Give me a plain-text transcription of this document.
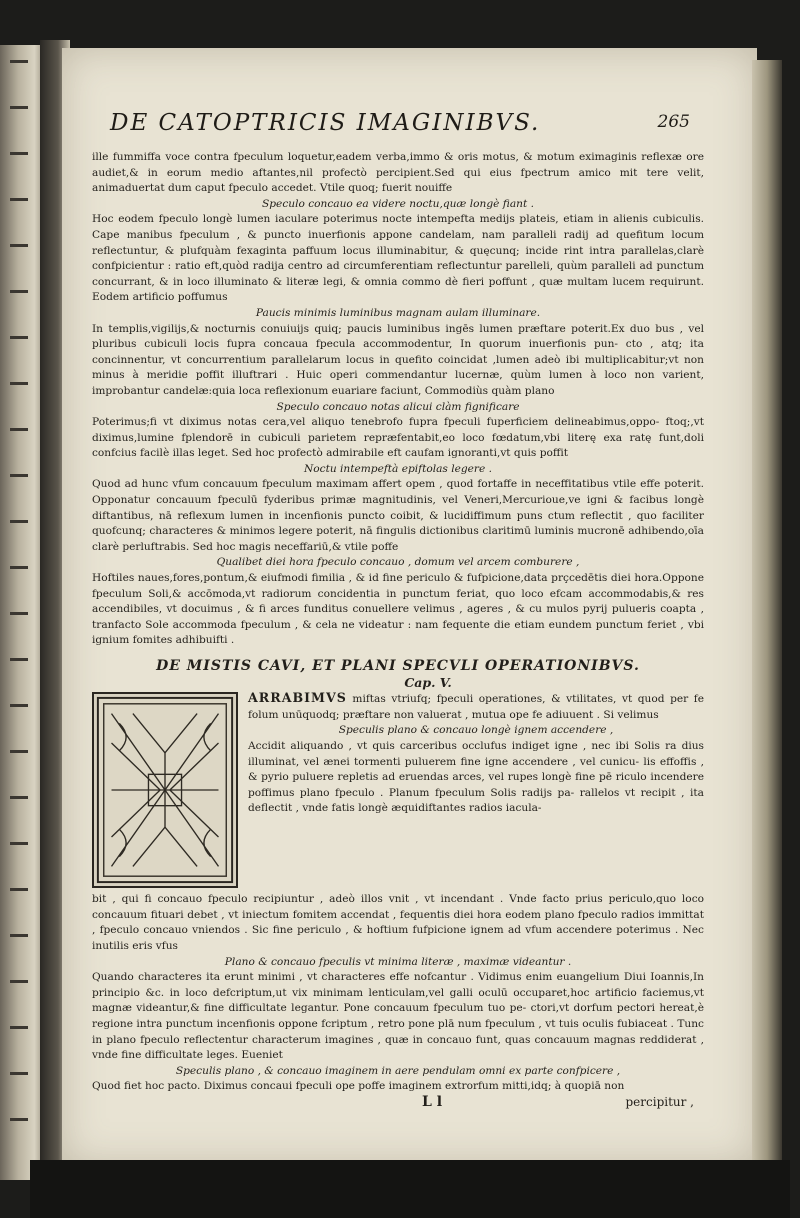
DE CATOPTRICIS IMAGINIBVS.	265

ille fummiffa voce contra fpeculum loquetur,eadem verba,immo & oris motus, & motum eximaginis reflexæ ore audiet,& in eorum medio aftantes,nil profectò percipient.Sed qui eius fpectrum amico mit tere velit, animaduertat dum caput fpeculo accedet. Vtile quoq; fuerit nouiffe

Speculo concauo ea videre noctu,quæ longè fiant .

Hoc eodem fpeculo longè lumen iaculare poterimus nocte intempefta medijs plateis, etiam in alienis cubiculis. Cape manibus fpeculum , & puncto inuerfionis appone candelam, nam paralleli radij ad quefitum locum reflectuntur, & plufquàm fexaginta paffuum locus illuminabitur, & quęcunq; incide rint intra parallelas,clarè confpicientur : ratio eft,quòd radija centro ad circumferentiam reflectuntur parelleli, quùm paralleli ad punctum concurrant, & in loco illuminato & literæ legi, & omnia commo dè fieri poffunt , quæ multam lucem requirunt. Eodem artificio poffumus

Paucis minimis luminibus magnam aulam illuminare.

In templis,vigilijs,& nocturnis conuiuijs quiq; paucis luminibus ingēs lumen præftare poterit.Ex duo bus , vel pluribus cubiculi locis fupra concaua fpecula accommodentur, In quorum inuerfionis pun- cto , atq; ita concinnentur, vt concurrentium parallelarum locus in quefito coincidat ,lumen adeò ibi multiplicabitur;vt non minus à meridie poffit illuftrari . Huic operi commendantur lucernæ, quùm lumen à loco non varient, improbantur candelæ:quia loca reflexionum euariare faciunt, Commodiùs quàm plano

Speculo concauo notas alicui clàm fignificare

Poterimus;fi vt diximus notas cera,vel aliquo tenebrofo fupra fpeculi fuperficiem delineabimus,oppo- ftoq;,vt diximus,lumine fplendorē in cubiculi parietem repræfentabit,eo loco fœdatum,vbi literę exa ratę funt,doli confcius facilè illas leget. Sed hoc profectò admirabile eft caufam ignoranti,vt quis poffit

Noctu intempeftà epiftolas legere .

Quod ad hunc vfum concauum fpeculum maximam affert opem , quod fortaffe in neceffitatibus vtile effe poterit. Opponatur concauum fpeculū fyderibus primæ magnitudinis, vel Veneri,Mercurioue,ve igni & facibus longè diftantibus, nā reflexum lumen in incenfionis puncto coibit, & lucidiffimum puns ctum reflectit , quo faciliter quofcunq; characteres & minimos legere poterit, nā fingulis dictionibus claritimū luminis mucronē adhibendo,oīa clarè perluftrabis. Sed hoc magis neceffariū,& vtile poffe

Qualibet diei hora fpeculo concauo , domum vel arcem comburere ,

Hoftiles naues,fores,pontum,& eiufmodi fimilia , & id fine periculo & fufpicione,data prçcedētis diei hora.Oppone fpeculum Soli,& accōmoda,vt radiorum concidentia in punctum feriat, quo loco efcam accommodabis,& res accendibiles, vt docuimus , & fi arces funditus conuellere velimus , ageres , & cu mulos pyrij pulueris coapta , tranfacto Sole accommoda fpeculum , & cela ne videatur : nam fequente die etiam eundem punctum feriet , vbi ignium fomites adhibuifti .

DE MISTIS CAVI, ET PLANI SPECVLI OPERATIONIBVS.
Cap. V.

ARRABIMVS miftas vtriufq; fpeculi operationes, & vtilitates, vt quod per fe folum unūquodq; præftare non valuerat , mutua ope fe adiuuent . Si velimus

Speculis plano & concauo longè ignem accendere ,

Accidit aliquando , vt quis carceribus occlufus indiget igne , nec ibi Solis ra dius illuminat, vel ænei tormenti puluerem fine igne accendere , vel cunicu- lis effoffis , & pyrio puluere repletis ad eruendas arces, vel rupes longè fine pē riculo incendere poffimus plano fpeculo . Planum fpeculum Solis radijs pa- rallelos vt recipit , ita deflectit , vnde fatis longè æquidiftantes radios iacula-

bit , qui fi concauo fpeculo recipiuntur , adeò illos vnit , vt incendant . Vnde facto prius periculo,quo loco concauum fituari debet , vt iniectum fomitem accendat , fequentis diei hora eodem plano fpeculo radios immittat , fpeculo concauo vniendos . Sic fine periculo , & hoftium fufpicione ignem ad vfum accendere poterimus . Nec inutilis eris vfus

Plano & concauo fpeculis vt minima literæ , maximæ videantur .

Quando characteres ita erunt minimi , vt characteres effe nofcantur . Vidimus enim euangelium Diui Ioannis,In principio &c. in loco defcriptum,ut vix minimam lenticulam,vel galli oculū occuparet,hoc artificio faciemus,vt magnæ videantur,& fine difficultate legantur. Pone concauum fpeculum tuo pe- ctori,vt dorfum pectori hereat,è regione intra punctum incenfionis oppone fcriptum , retro pone plā num fpeculum , vt tuis oculis fubiaceat . Tunc in plano fpeculo reflectentur characterum imagines , quæ in concauo funt, quas concauum magnas reddiderat , vnde fine difficultate leges. Eueniet

Speculis plano , & concauo imaginem in aere pendulam omni ex parte confpicere ,

Quod fiet hoc pacto. Diximus concaui fpeculi ope poffe imaginem extrorfum mitti,idq; à quopiā non

L l	percipitur ,
